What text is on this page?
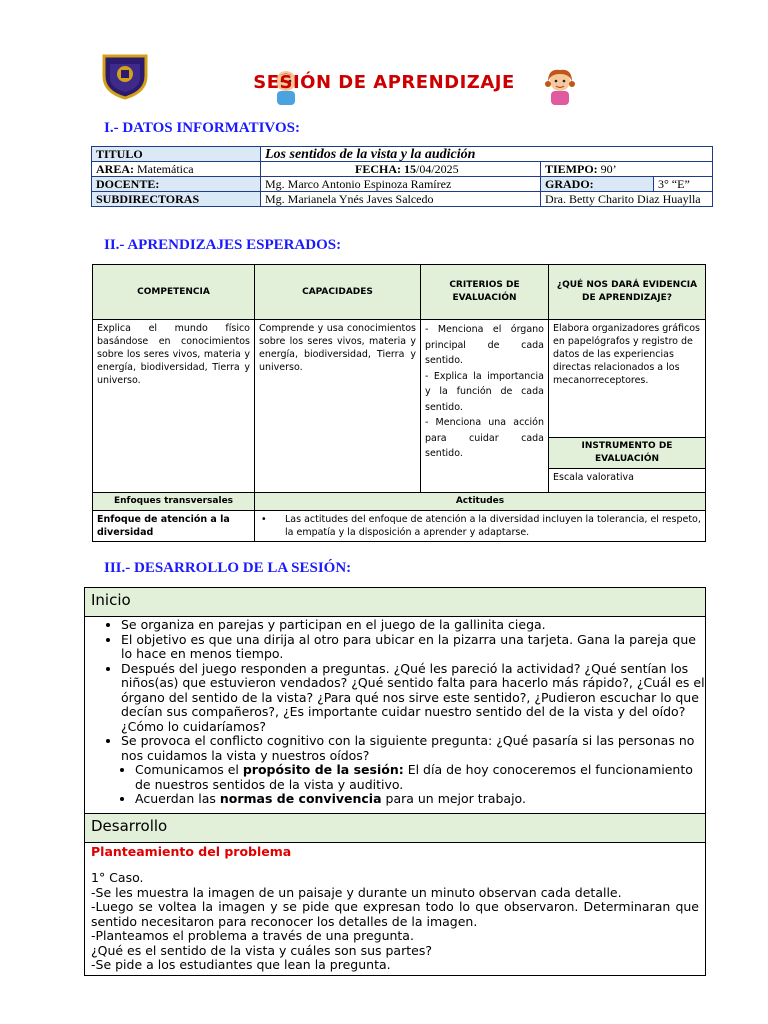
SESIÓN DE APRENDIZAJE
I.- DATOS INFORMATIVOS:
TITULO	Los sentidos de la vista y la audición		
AREA: Matemática	FECHA: 15/04/2025	TIEMPO: 90’	
DOCENTE:	Mg. Marco Antonio Espinoza Ramírez	GRADO:	3° “E”
SUBDIRECTORAS	Mg. Marianela Ynés Javes Salcedo	Dra. Betty Charito Diaz Huaylla	
II.- APRENDIZAJES ESPERADOS:
COMPETENCIA	CAPACIDADES	CRITERIOS DE EVALUACIÓN	¿QUÉ NOS DARÁ EVIDENCIA DE APRENDIZAJE?
Explica el mundo físico basándose en conocimientos sobre los seres vivos, materia y energía, biodiversidad, Tierra y universo.	Comprende y usa conocimientos sobre los seres vivos, materia y energía, biodiversidad, Tierra y universo.	- Menciona el órgano principal de cada sentido.
- Explica la importancia y la función de cada sentido.
- Menciona una acción para cuidar cada sentido.	Elabora organizadores gráficos en papelógrafos y registro de datos de las experiencias directas relacionados a los mecanorreceptores.
			INSTRUMENTO DE EVALUACIÓN
			Escala valorativa
Enfoques transversales	Actitudes		
Enfoque de atención a la diversidad	• Las actitudes del enfoque de atención a la diversidad incluyen la tolerancia, el respeto, la empatía y la disposición a aprender y adaptarse.		
III.- DESARROLLO DE LA SESIÓN:
Inicio
• Se organiza en parejas y participan en el juego de la gallinita ciega.
• El objetivo es que una dirija al otro para ubicar en la pizarra una tarjeta. Gana la pareja que lo hace en menos tiempo.
• Después del juego responden a preguntas. ¿Qué les pareció la actividad? ¿Qué sentían los niños(as) que estuvieron vendados? ¿Qué sentido falta para hacerlo más rápido?, ¿Cuál es el órgano del sentido de la vista? ¿Para qué nos sirve este sentido?, ¿Pudieron escuchar lo que decían sus compañeros?, ¿Es importante cuidar nuestro sentido del de la vista y del oído? ¿Cómo lo cuidaríamos?
• Se provoca el conflicto cognitivo con la siguiente pregunta: ¿Qué pasaría si las personas no nos cuidamos la vista y nuestros oídos?
• Comunicamos el propósito de la sesión: El día de hoy conoceremos el funcionamiento de nuestros sentidos de la vista y auditivo.
• Acuerdan las normas de convivencia para un mejor trabajo.
Desarrollo
Planteamiento del problema
1° Caso.
-Se les muestra la imagen de un paisaje y durante un minuto observan cada detalle.
-Luego se voltea la imagen y se pide que expresan todo lo que observaron. Determinaran que sentido necesitaron para reconocer los detalles de la imagen.
-Planteamos el problema a través de una pregunta.
¿Qué es el sentido de la vista y cuáles son sus partes?
-Se pide a los estudiantes que lean la pregunta.
